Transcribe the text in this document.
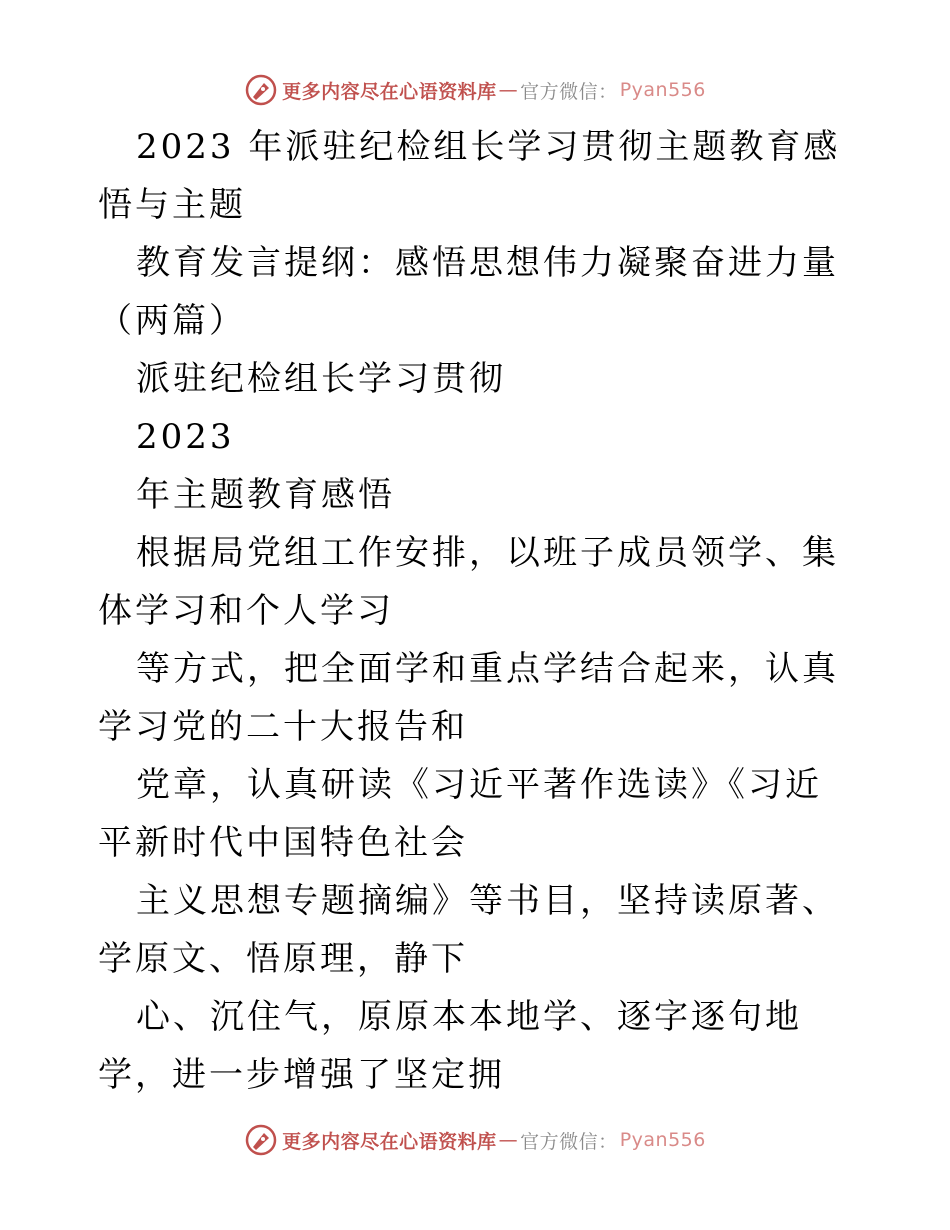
更多内容尽在心语资料库 — 官方微信： Pyan556

2023 年派驻纪检组长学习贯彻主题教育感悟与主题

教育发言提纲：感悟思想伟力凝聚奋进力量（两篇）

派驻纪检组长学习贯彻

2023

年主题教育感悟

根据局党组工作安排，以班子成员领学、集体学习和个人学习

等方式，把全面学和重点学结合起来，认真学习党的二十大报告和

党章，认真研读《习近平著作选读》《习近平新时代中国特色社会

主义思想专题摘编》等书目，坚持读原著、学原文、悟原理，静下

心、沉住气，原原本本地学、逐字逐句地学，进一步增强了坚定拥

更多内容尽在心语资料库 — 官方微信： Pyan556
